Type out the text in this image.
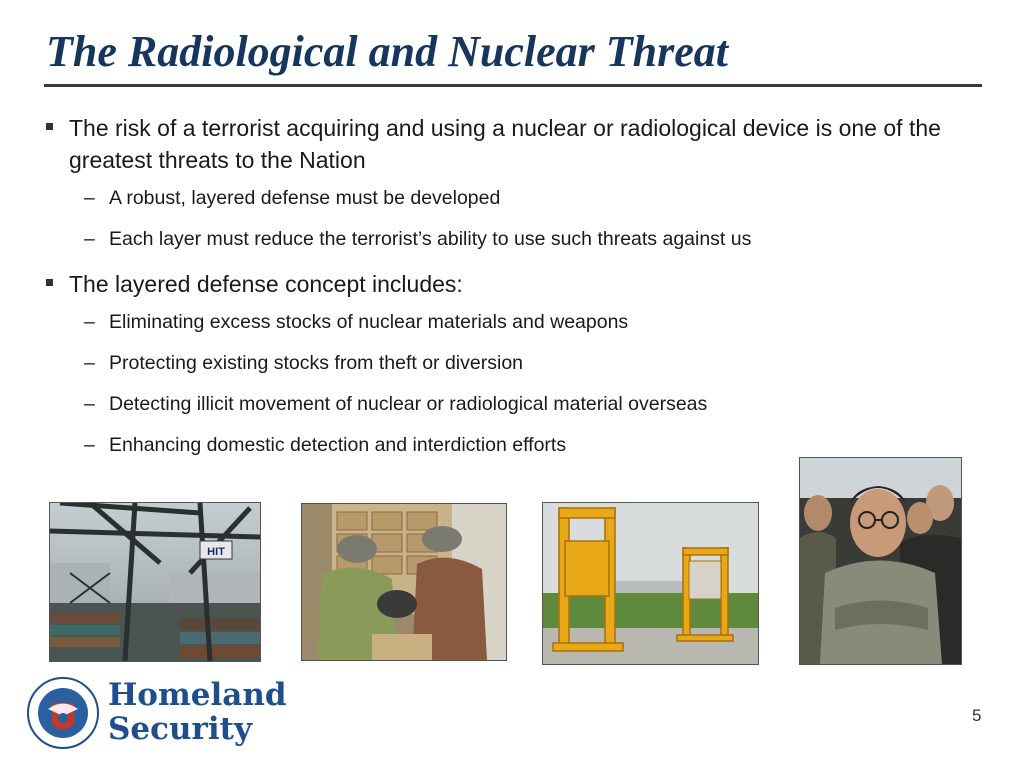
The Radiological and Nuclear Threat
The risk of a terrorist acquiring and using a nuclear or radiological device is one of the greatest threats to the Nation
– A robust, layered defense must be developed
– Each layer must reduce the terrorist’s ability to use such threats against us
The layered defense concept includes:
– Eliminating excess stocks of nuclear materials and weapons
– Protecting existing stocks from theft or diversion
– Detecting illicit movement of nuclear or radiological material overseas
– Enhancing domestic detection and interdiction efforts
HIT
Homeland
Security	5
